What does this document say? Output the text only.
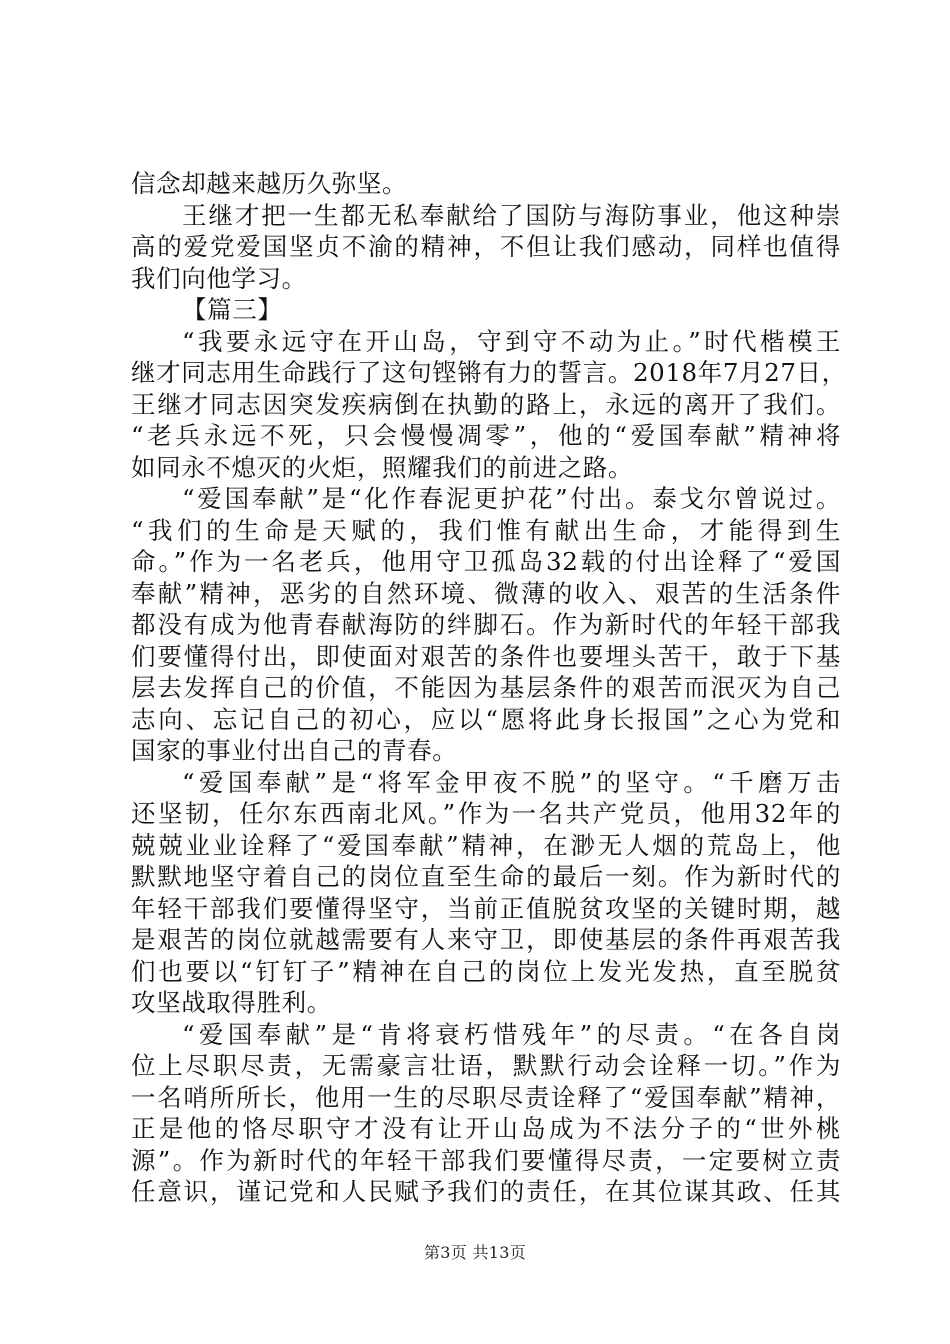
信念却越来越历久弥坚。
王继才把一生都无私奉献给了国防与海防事业，他这种崇
高的爱党爱国坚贞不渝的精神，不但让我们感动，同样也值得
我们向他学习。
【篇三】
“我要永远守在开山岛，守到守不动为止。”时代楷模王
继才同志用生命践行了这句铿锵有力的誓言。2018年7月27日，
王继才同志因突发疾病倒在执勤的路上，永远的离开了我们。
“老兵永远不死，只会慢慢凋零”，他的“爱国奉献”精神将
如同永不熄灭的火炬，照耀我们的前进之路。
“爱国奉献”是“化作春泥更护花”付出。泰戈尔曾说过。
“我们的生命是天赋的，我们惟有献出生命，才能得到生
命。”作为一名老兵，他用守卫孤岛32载的付出诠释了“爱国
奉献”精神，恶劣的自然环境、微薄的收入、艰苦的生活条件
都没有成为他青春献海防的绊脚石。作为新时代的年轻干部我
们要懂得付出，即使面对艰苦的条件也要埋头苦干，敢于下基
层去发挥自己的价值，不能因为基层条件的艰苦而泯灭为自己
志向、忘记自己的初心，应以“愿将此身长报国”之心为党和
国家的事业付出自己的青春。
“爱国奉献”是“将军金甲夜不脱”的坚守。“千磨万击
还坚韧，任尔东西南北风。”作为一名共产党员，他用32年的
兢兢业业诠释了“爱国奉献”精神，在渺无人烟的荒岛上，他
默默地坚守着自己的岗位直至生命的最后一刻。作为新时代的
年轻干部我们要懂得坚守，当前正值脱贫攻坚的关键时期，越
是艰苦的岗位就越需要有人来守卫，即使基层的条件再艰苦我
们也要以“钉钉子”精神在自己的岗位上发光发热，直至脱贫
攻坚战取得胜利。
“爱国奉献”是“肯将衰朽惜残年”的尽责。“在各自岗
位上尽职尽责，无需豪言壮语，默默行动会诠释一切。”作为
一名哨所所长，他用一生的尽职尽责诠释了“爱国奉献”精神，
正是他的恪尽职守才没有让开山岛成为不法分子的“世外桃
源”。作为新时代的年轻干部我们要懂得尽责，一定要树立责
任意识，谨记党和人民赋予我们的责任，在其位谋其政、任其
第3页 共13页
